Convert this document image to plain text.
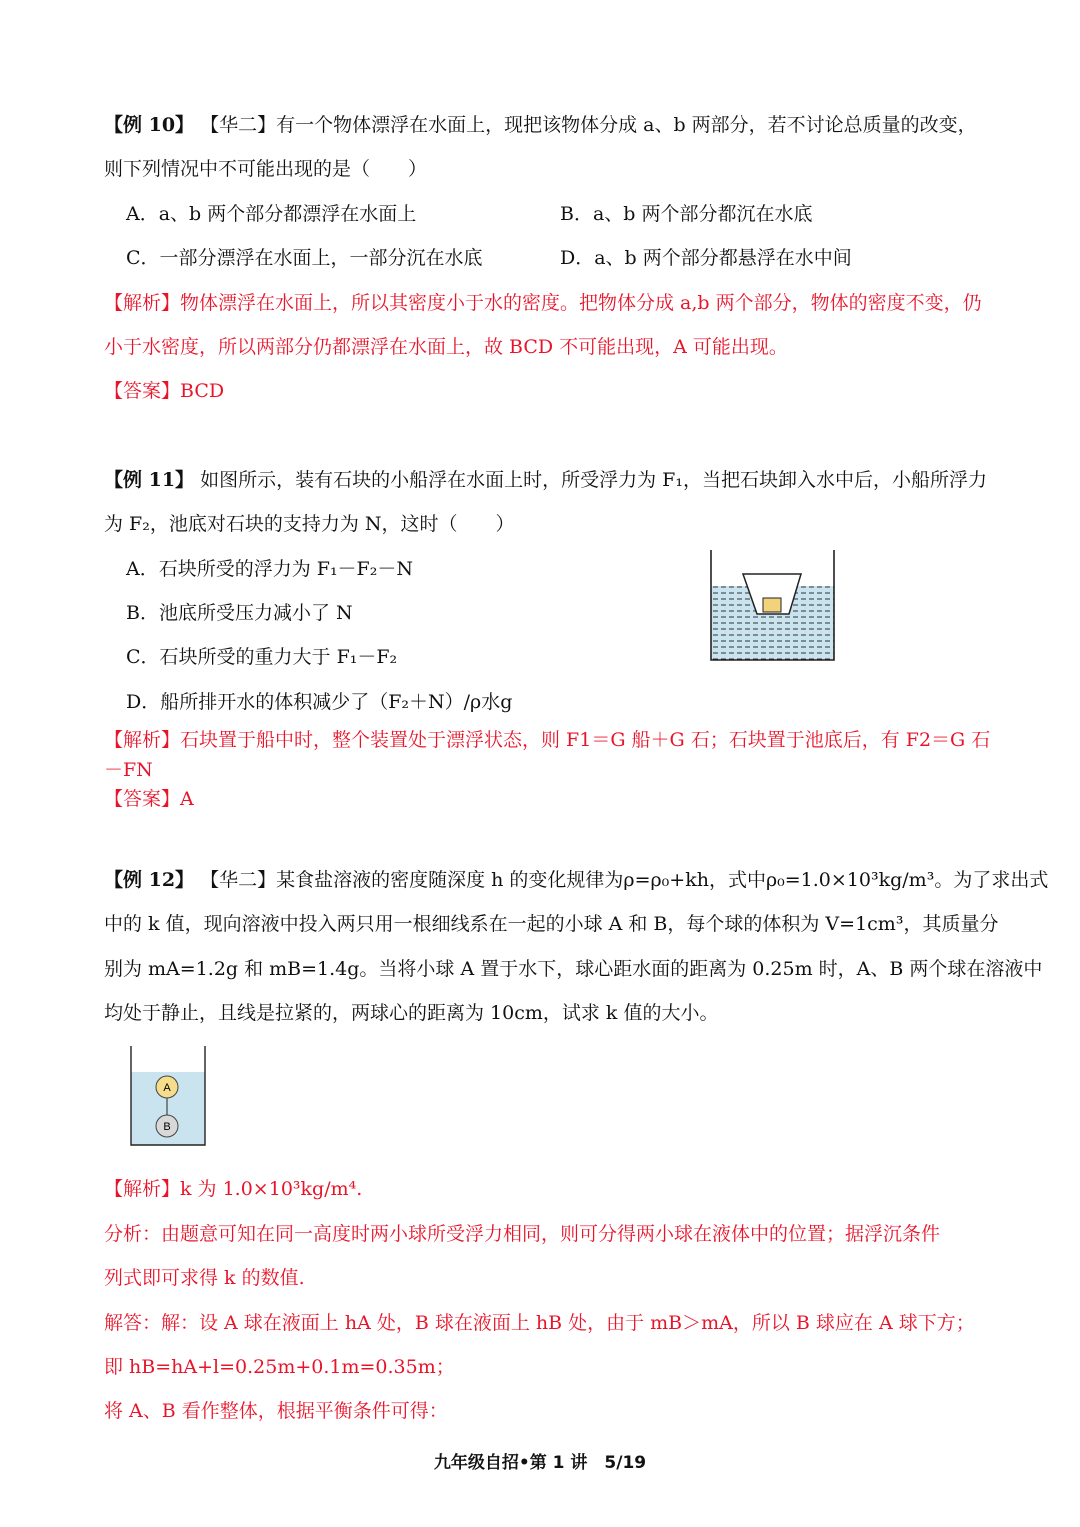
【例 10】 【华二】有一个物体漂浮在水面上，现把该物体分成 a、b 两部分，若不讨论总质量的改变，
则下列情况中不可能出现的是（　　）
A．a、b 两个部分都漂浮在水面上	B．a、b 两个部分都沉在水底
C．一部分漂浮在水面上，一部分沉在水底	D．a、b 两个部分都悬浮在水中间
【解析】物体漂浮在水面上，所以其密度小于水的密度。把物体分成 a,b 两个部分，物体的密度不变，仍
小于水密度，所以两部分仍都漂浮在水面上，故 BCD 不可能出现，A 可能出现。
【答案】BCD
【例 11】 如图所示，装有石块的小船浮在水面上时，所受浮力为 F₁，当把石块卸入水中后，小船所浮力
为 F₂，池底对石块的支持力为 N，这时（　　）
A．石块所受的浮力为 F₁－F₂－N
B．池底所受压力减小了 N
C．石块所受的重力大于 F₁－F₂
D．船所排开水的体积减少了（F₂＋N）/ρ水g
【解析】石块置于船中时，整个装置处于漂浮状态，则 F1＝G 船＋G 石；石块置于池底后，有 F2＝G 石
－FN
【答案】A
【例 12】 【华二】某食盐溶液的密度随深度 h 的变化规律为ρ=ρ₀+kh，式中ρ₀=1.0×10³kg/m³。为了求出式
中的 k 值，现向溶液中投入两只用一根细线系在一起的小球 A 和 B，每个球的体积为 V=1cm³，其质量分
别为 mA=1.2g 和 mB=1.4g。当将小球 A 置于水下，球心距水面的距离为 0.25m 时，A、B 两个球在溶液中
均处于静止，且线是拉紧的，两球心的距离为 10cm，试求 k 值的大小。
A
B
【解析】k 为 1.0×10³kg/m⁴.
分析：由题意可知在同一高度时两小球所受浮力相同，则可分得两小球在液体中的位置；据浮沉条件
列式即可求得 k 的数值.
解答：解：设 A 球在液面上 hA 处，B 球在液面上 hB 处，由于 mB＞mA，所以 B 球应在 A 球下方；
即 hB=hA+l=0.25m+0.1m=0.35m；
将 A、B 看作整体，根据平衡条件可得：
九年级自招•第 1 讲　5/19
